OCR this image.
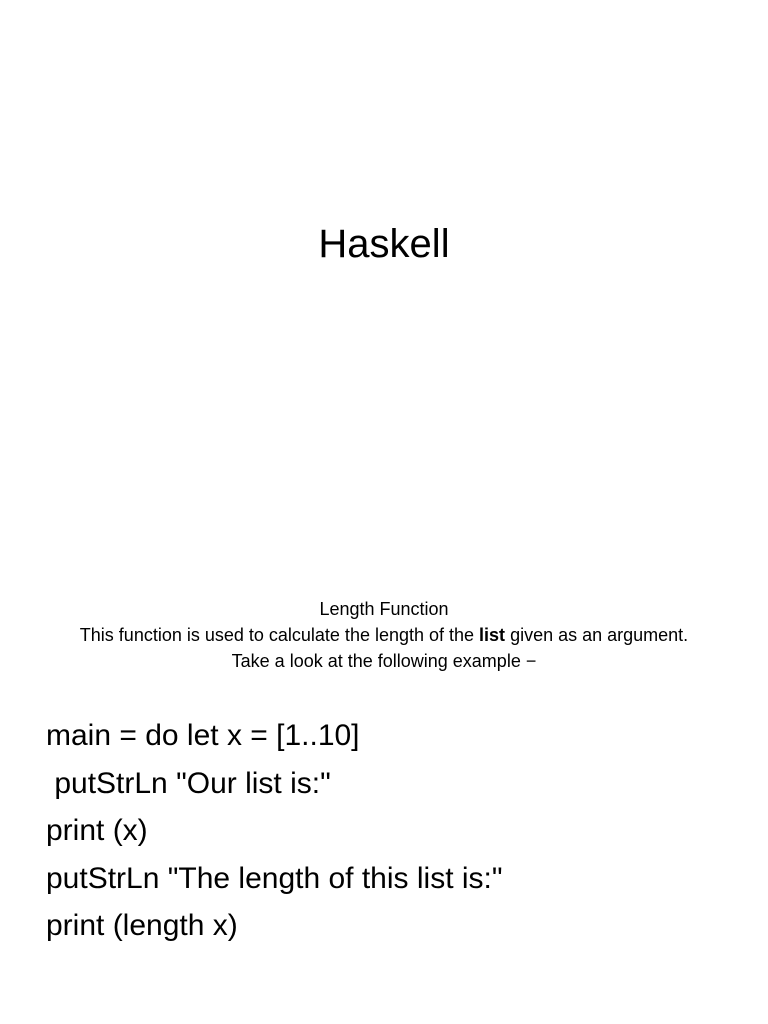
Haskell
Length Function
This function is used to calculate the length of the list given as an argument.
Take a look at the following example −
main = do let x = [1..10]
putStrLn "Our list is:"
print (x)
putStrLn "The length of this list is:"
print (length x)
